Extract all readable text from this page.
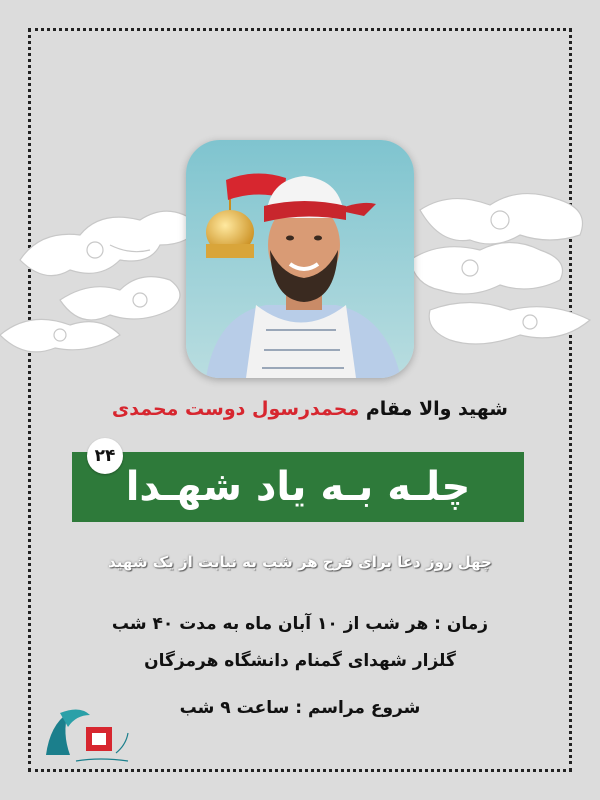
شهید والا مقام محمدرسول دوست محمدی
چلـه بـه یاد شهـدا
۲۴
چهل روز دعا برای فرج هر شب به نیابت از یک شهید
زمان : هر شب از ۱۰ آبان ماه به مدت ۴۰ شب
گلزار شهدای گمنام دانشگاه هرمزگان
شروع مراسم : ساعت ۹ شب
